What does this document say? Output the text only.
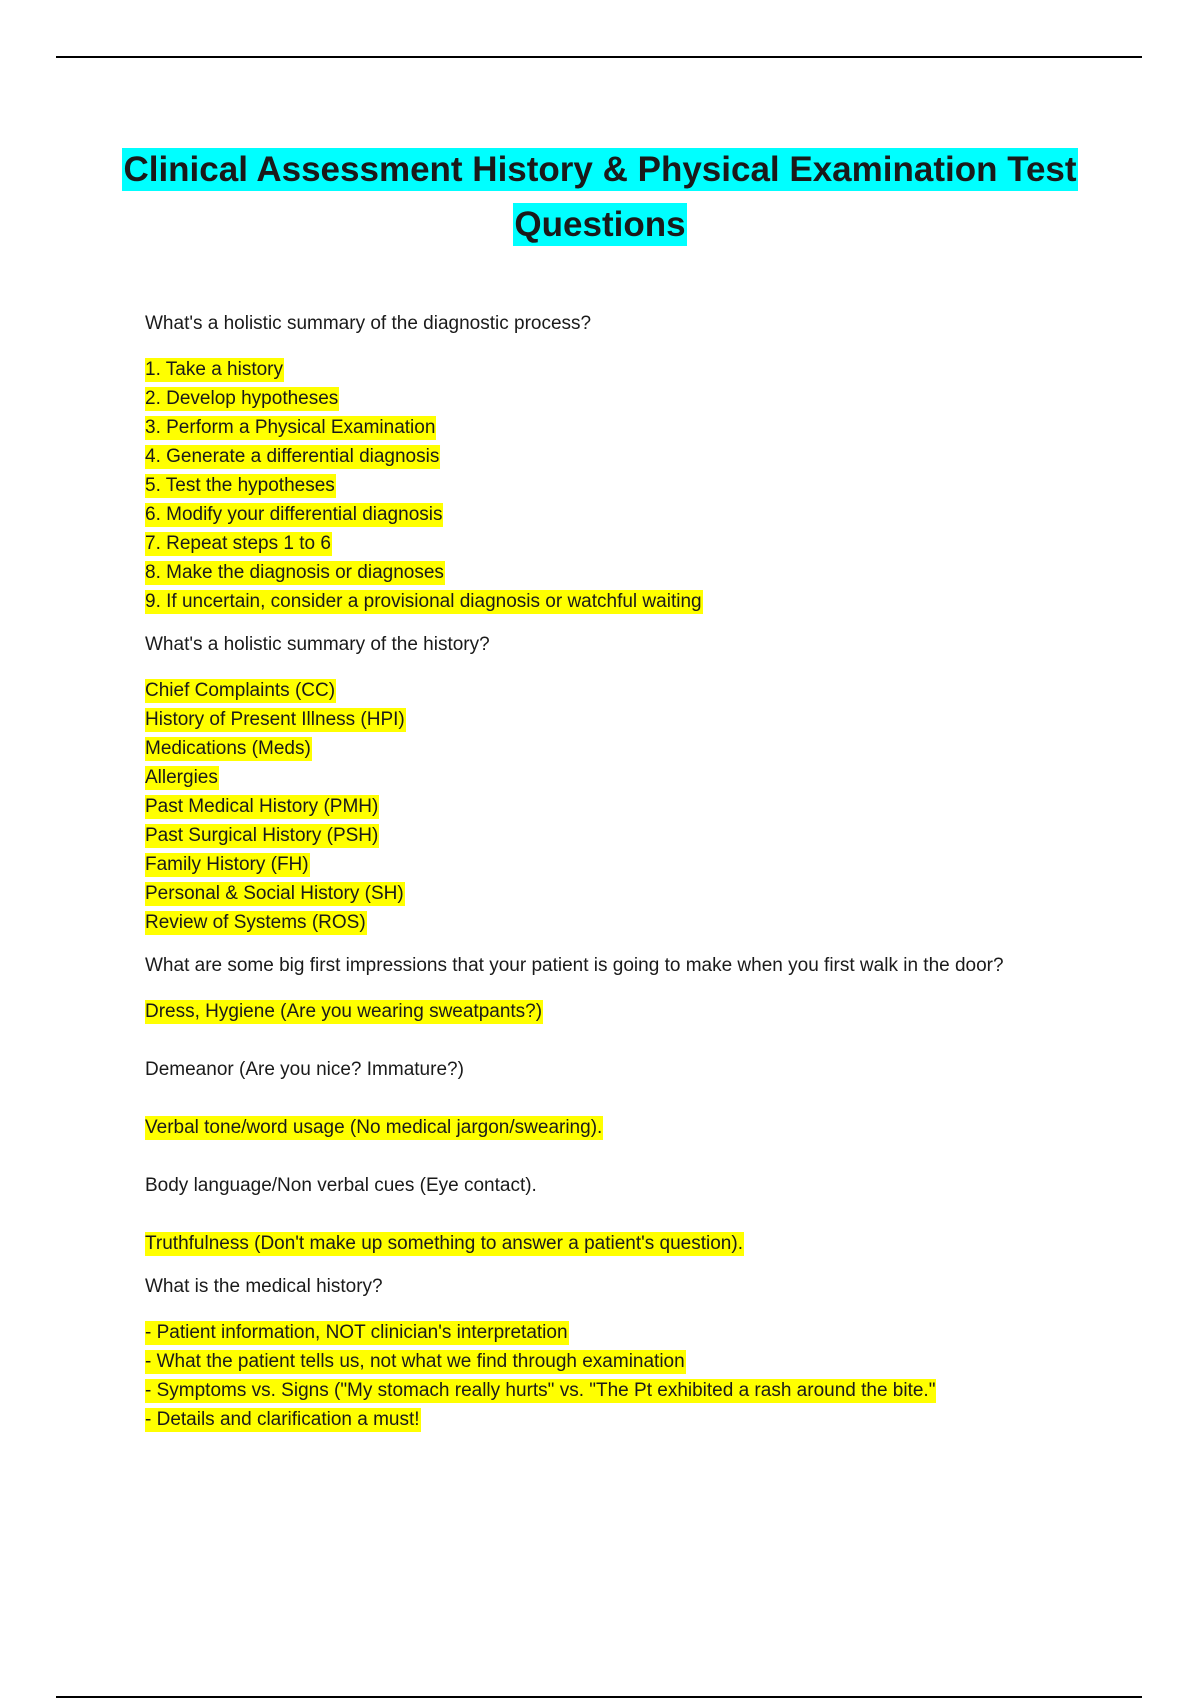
Clinical Assessment History & Physical Examination Test
Questions

What's a holistic summary of the diagnostic process?

1. Take a history
2. Develop hypotheses
3. Perform a Physical Examination
4. Generate a differential diagnosis
5. Test the hypotheses
6. Modify your differential diagnosis
7. Repeat steps 1 to 6
8. Make the diagnosis or diagnoses
9. If uncertain, consider a provisional diagnosis or watchful waiting

What's a holistic summary of the history?

Chief Complaints (CC)
History of Present Illness (HPI)
Medications (Meds)
Allergies
Past Medical History (PMH)
Past Surgical History (PSH)
Family History (FH)
Personal & Social History (SH)
Review of Systems (ROS)

What are some big first impressions that your patient is going to make when you first walk in the door?

Dress, Hygiene (Are you wearing sweatpants?)

Demeanor (Are you nice? Immature?)

Verbal tone/word usage (No medical jargon/swearing).

Body language/Non verbal cues (Eye contact).

Truthfulness (Don't make up something to answer a patient's question).

What is the medical history?

- Patient information, NOT clinician's interpretation
- What the patient tells us, not what we find through examination
- Symptoms vs. Signs ("My stomach really hurts" vs. "The Pt exhibited a rash around the bite."
- Details and clarification a must!
